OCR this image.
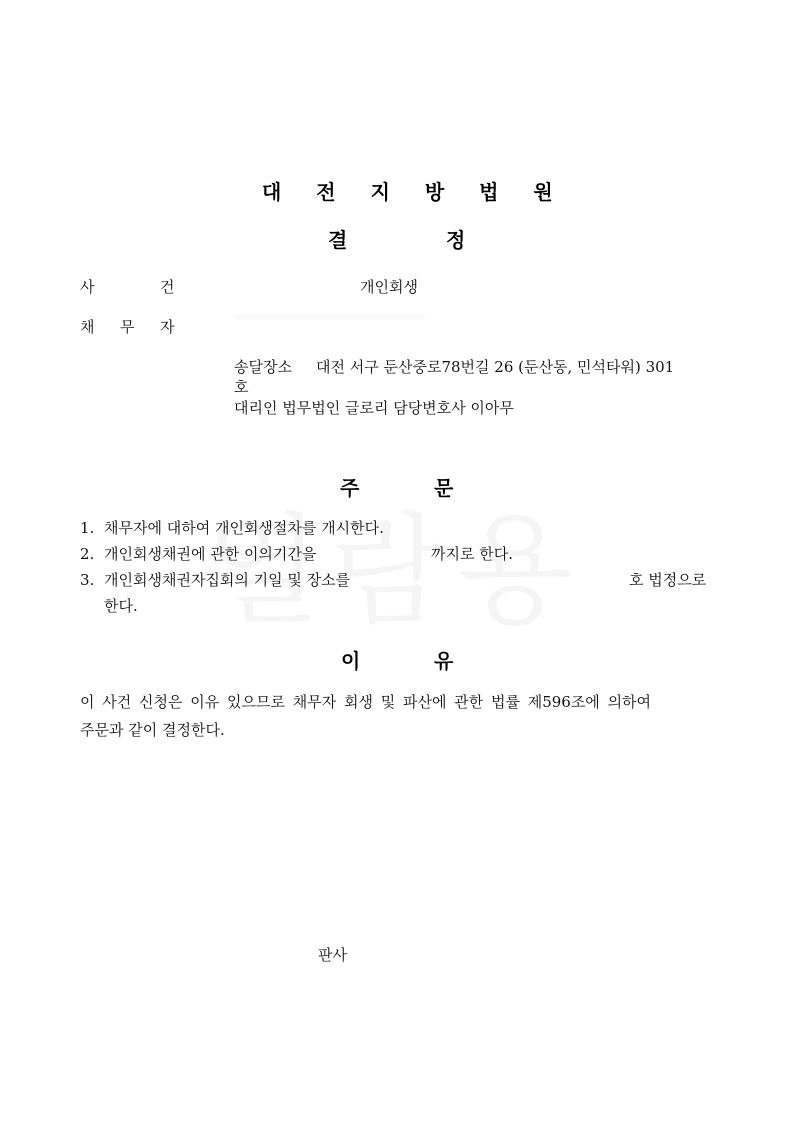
대 전 지 방 법 원
결	정
사	건	개인회생
채 무 자
송달장소 대전 서구 둔산중로78번길 26 (둔산동, 민석타워) 301
호
대리인 법무법인 글로리 담당변호사 이아무
주	문
1. 채무자에 대하여 개인회생절차를 개시한다.
2. 개인회생채권에 관한 이의기간을	까지로 한다.
3. 개인회생채권자집회의 기일 및 장소를	호 법정으로
한다.
이	유
이 사건 신청은 이유 있으므로 채무자 회생 및 파산에 관한 법률 제596조에 의하여
주문과 같이 결정한다.
판사
